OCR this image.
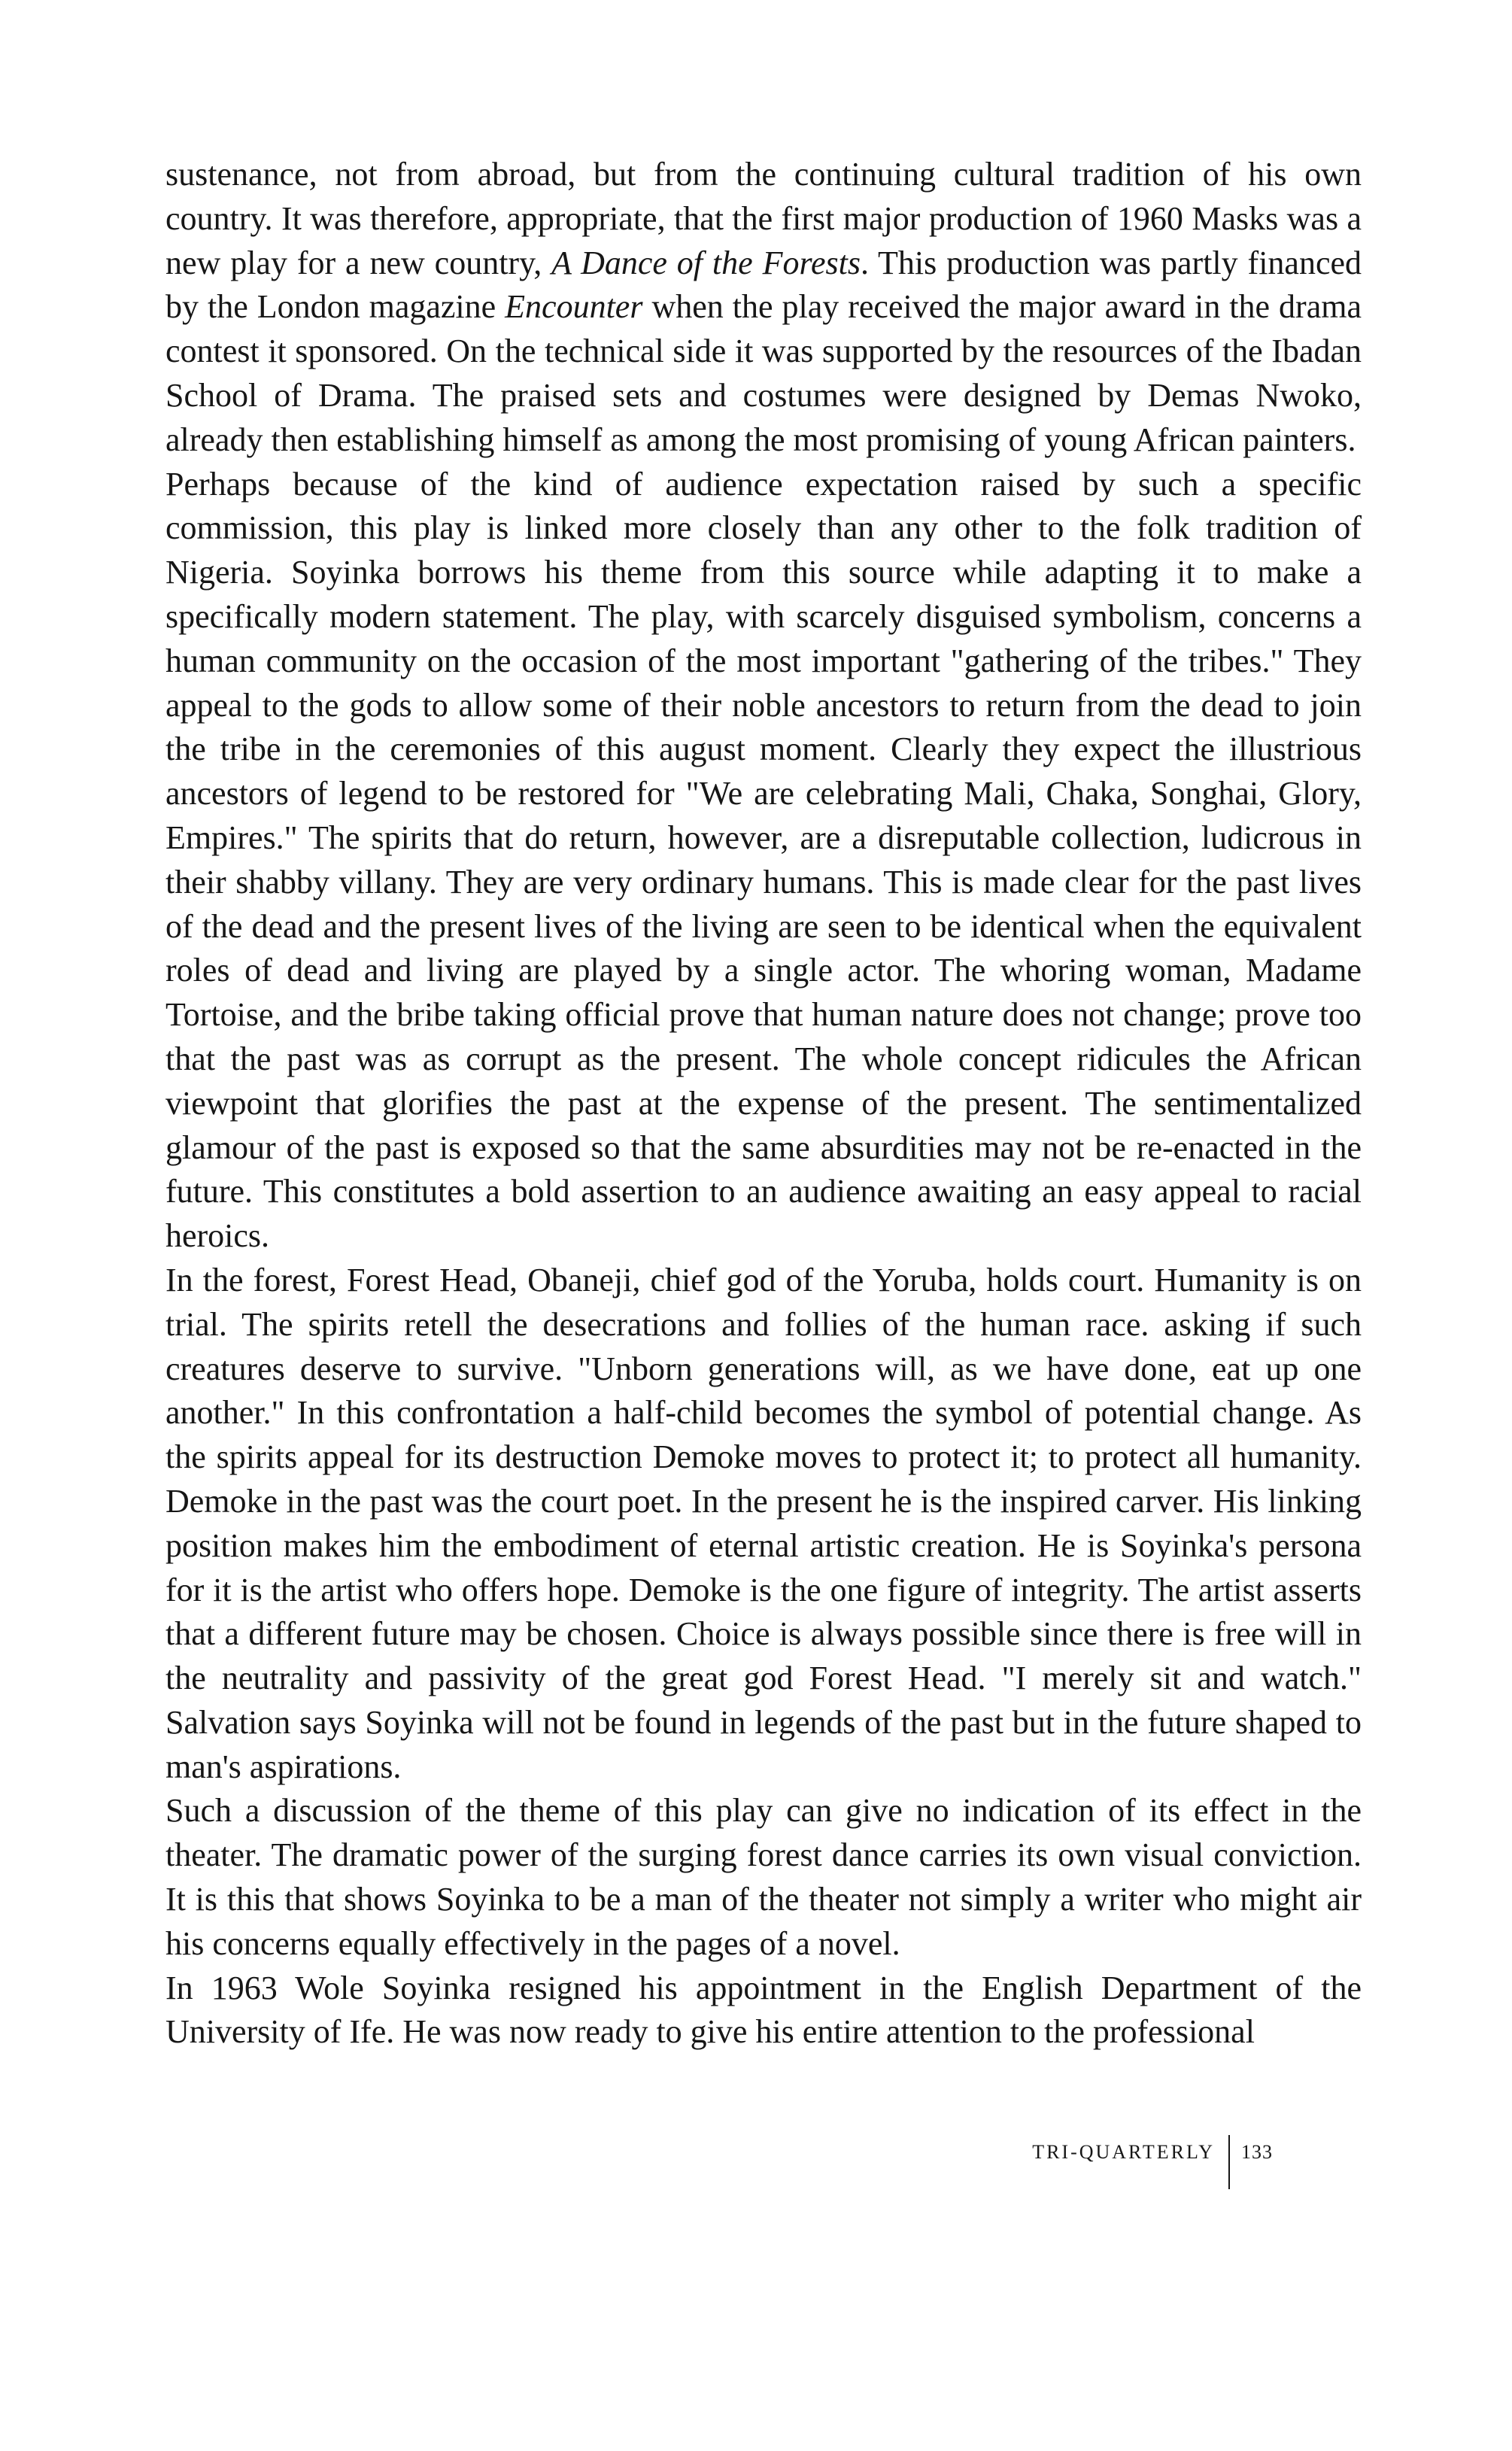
sustenance, not from abroad, but from the continuing cultural tradition of his own country. It was therefore, appropriate, that the first major production of 1960 Masks was a new play for a new country, A Dance of the Forests. This production was partly financed by the London magazine Encounter when the play received the major award in the drama contest it sponsored. On the technical side it was supported by the resources of the Ibadan School of Drama. The praised sets and costumes were designed by Demas Nwoko, already then establishing himself as among the most promising of young African painters.

Perhaps because of the kind of audience expectation raised by such a specific commission, this play is linked more closely than any other to the folk tradition of Nigeria. Soyinka borrows his theme from this source while adapting it to make a specifically modern statement. The play, with scarcely disguised symbolism, concerns a human community on the occasion of the most important "gathering of the tribes." They appeal to the gods to allow some of their noble ancestors to return from the dead to join the tribe in the ceremonies of this august moment. Clearly they expect the illustrious ancestors of legend to be restored for "We are celebrating Mali, Chaka, Songhai, Glory, Empires." The spirits that do return, however, are a disreputable collection, ludicrous in their shabby villany. They are very ordinary humans. This is made clear for the past lives of the dead and the present lives of the living are seen to be identical when the equivalent roles of dead and living are played by a single actor. The whoring woman, Madame Tortoise, and the bribe taking official prove that human nature does not change; prove too that the past was as corrupt as the present. The whole concept ridicules the African viewpoint that glorifies the past at the expense of the present. The sentimentalized glamour of the past is exposed so that the same absurdities may not be re-enacted in the future. This constitutes a bold assertion to an audience awaiting an easy appeal to racial heroics.

In the forest, Forest Head, Obaneji, chief god of the Yoruba, holds court. Humanity is on trial. The spirits retell the desecrations and follies of the human race. asking if such creatures deserve to survive. "Unborn generations will, as we have done, eat up one another." In this confrontation a half-child becomes the symbol of potential change. As the spirits appeal for its destruction Demoke moves to protect it; to protect all humanity. Demoke in the past was the court poet. In the present he is the inspired carver. His linking position makes him the embodiment of eternal artistic creation. He is Soyinka's persona for it is the artist who offers hope. Demoke is the one figure of integrity. The artist asserts that a different future may be chosen. Choice is always possible since there is free will in the neutrality and passivity of the great god Forest Head. "I merely sit and watch." Salvation says Soyinka will not be found in legends of the past but in the future shaped to man's aspirations.

Such a discussion of the theme of this play can give no indication of its effect in the theater. The dramatic power of the surging forest dance carries its own visual conviction. It is this that shows Soyinka to be a man of the theater not simply a writer who might air his concerns equally effectively in the pages of a novel.

In 1963 Wole Soyinka resigned his appointment in the English Department of the University of Ife. He was now ready to give his entire attention to the professional

TRI-QUARTERLY 133
